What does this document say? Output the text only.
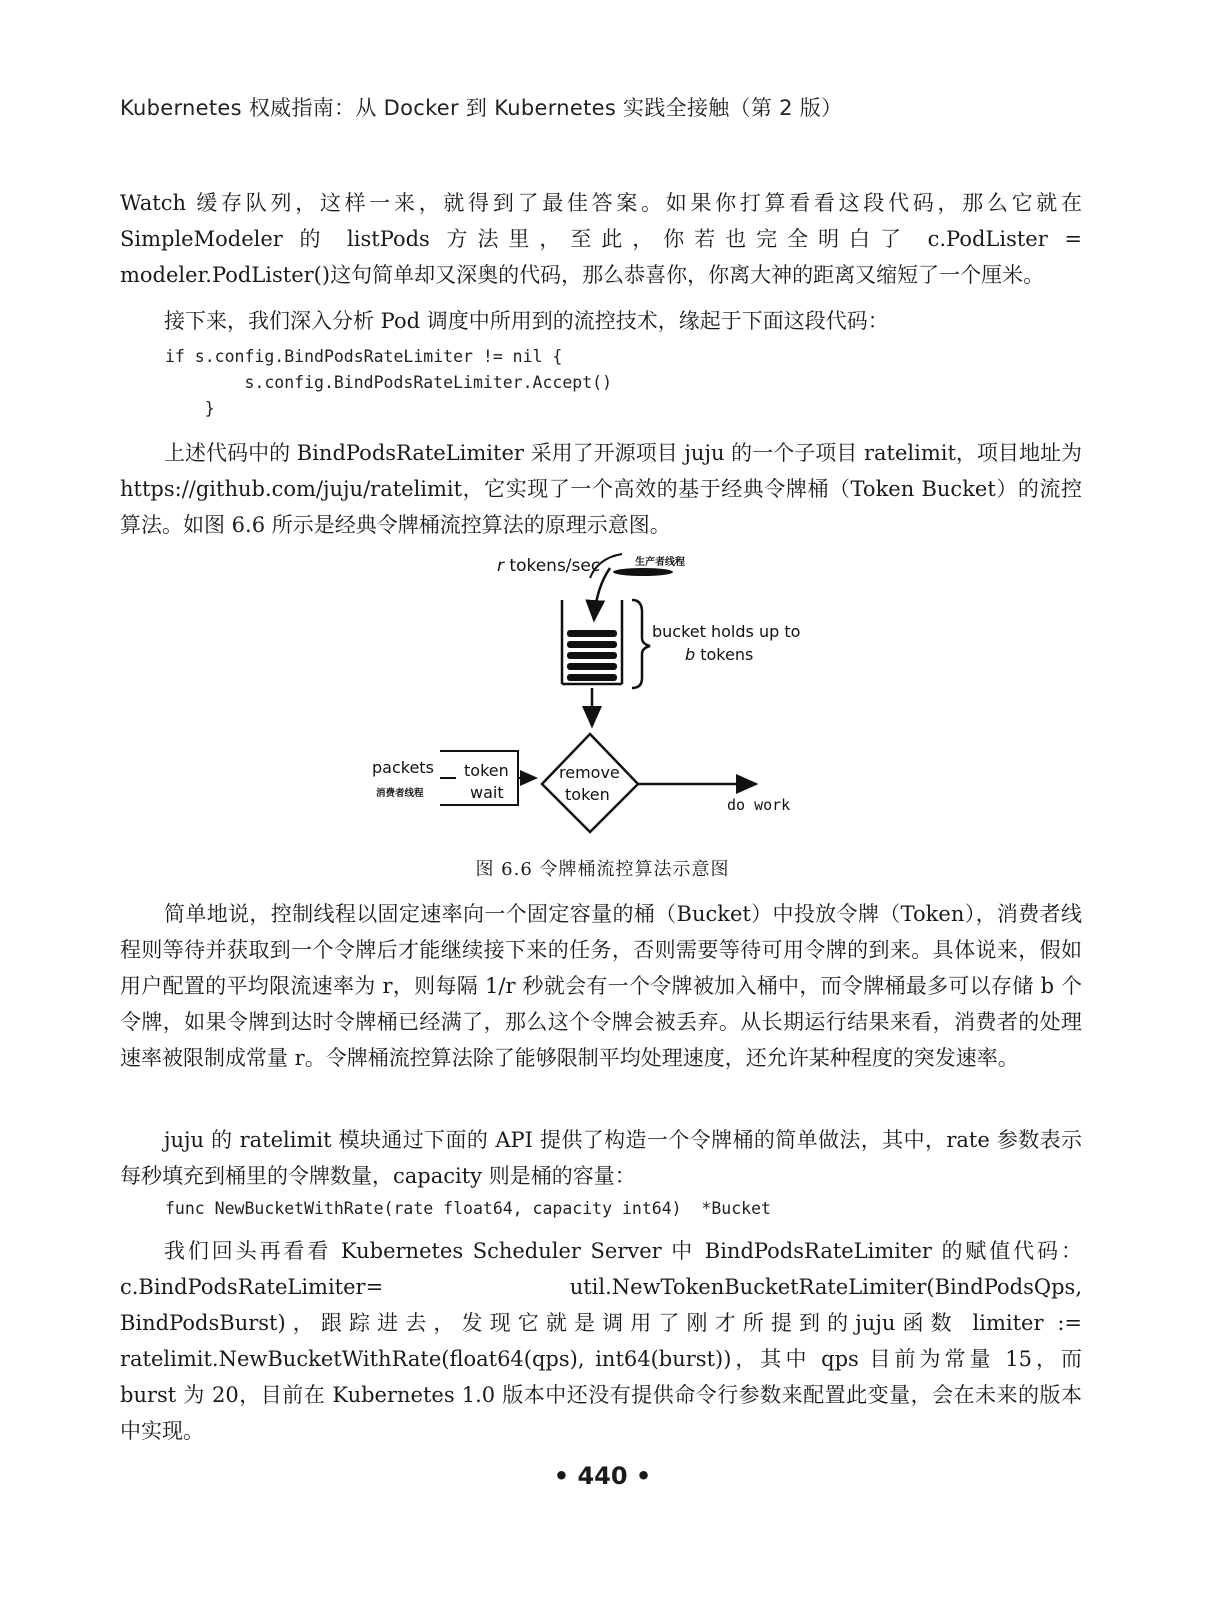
Kubernetes 权威指南：从 Docker 到 Kubernetes 实践全接触（第 2 版）

Watch 缓存队列，这样一来，就得到了最佳答案。如果你打算看看这段代码，那么它就在 SimpleModeler 的 listPods 方法里，至此，你若也完全明白了 c.PodLister = modeler.PodLister()这句简单却又深奥的代码，那么恭喜你，你离大神的距离又缩短了一个厘米。

接下来，我们深入分析 Pod 调度中所用到的流控技术，缘起于下面这段代码：

if s.config.BindPodsRateLimiter != nil {
s.config.BindPodsRateLimiter.Accept()
}

上述代码中的 BindPodsRateLimiter 采用了开源项目 juju 的一个子项目 ratelimit，项目地址为 https://github.com/juju/ratelimit，它实现了一个高效的基于经典令牌桶（Token Bucket）的流控算法。如图 6.6 所示是经典令牌桶流控算法的原理示意图。

r tokens/sec	生产者线程
bucket holds up to
b tokens
packets
消费者线程
token
wait
remove
token
do work
图 6.6 令牌桶流控算法示意图

简单地说，控制线程以固定速率向一个固定容量的桶（Bucket）中投放令牌（Token），消费者线程则等待并获取到一个令牌后才能继续接下来的任务，否则需要等待可用令牌的到来。具体说来，假如用户配置的平均限流速率为 r，则每隔 1/r 秒就会有一个令牌被加入桶中，而令牌桶最多可以存储 b 个令牌，如果令牌到达时令牌桶已经满了，那么这个令牌会被丢弃。从长期运行结果来看，消费者的处理速率被限制成常量 r。令牌桶流控算法除了能够限制平均处理速度，还允许某种程度的突发速率。

juju 的 ratelimit 模块通过下面的 API 提供了构造一个令牌桶的简单做法，其中，rate 参数表示每秒填充到桶里的令牌数量，capacity 则是桶的容量：

func NewBucketWithRate(rate float64, capacity int64)  *Bucket

我们回头再看看 Kubernetes Scheduler Server 中 BindPodsRateLimiter 的赋值代码：c.BindPodsRateLimiter= util.NewTokenBucketRateLimiter(BindPodsQps, BindPodsBurst)，跟踪进去，发现它就是调用了刚才所提到的juju函数 limiter := ratelimit.NewBucketWithRate(float64(qps), int64(burst))，其中 qps 目前为常量 15，而 burst 为 20，目前在 Kubernetes 1.0 版本中还没有提供命令行参数来配置此变量，会在未来的版本中实现。

• 440 •
